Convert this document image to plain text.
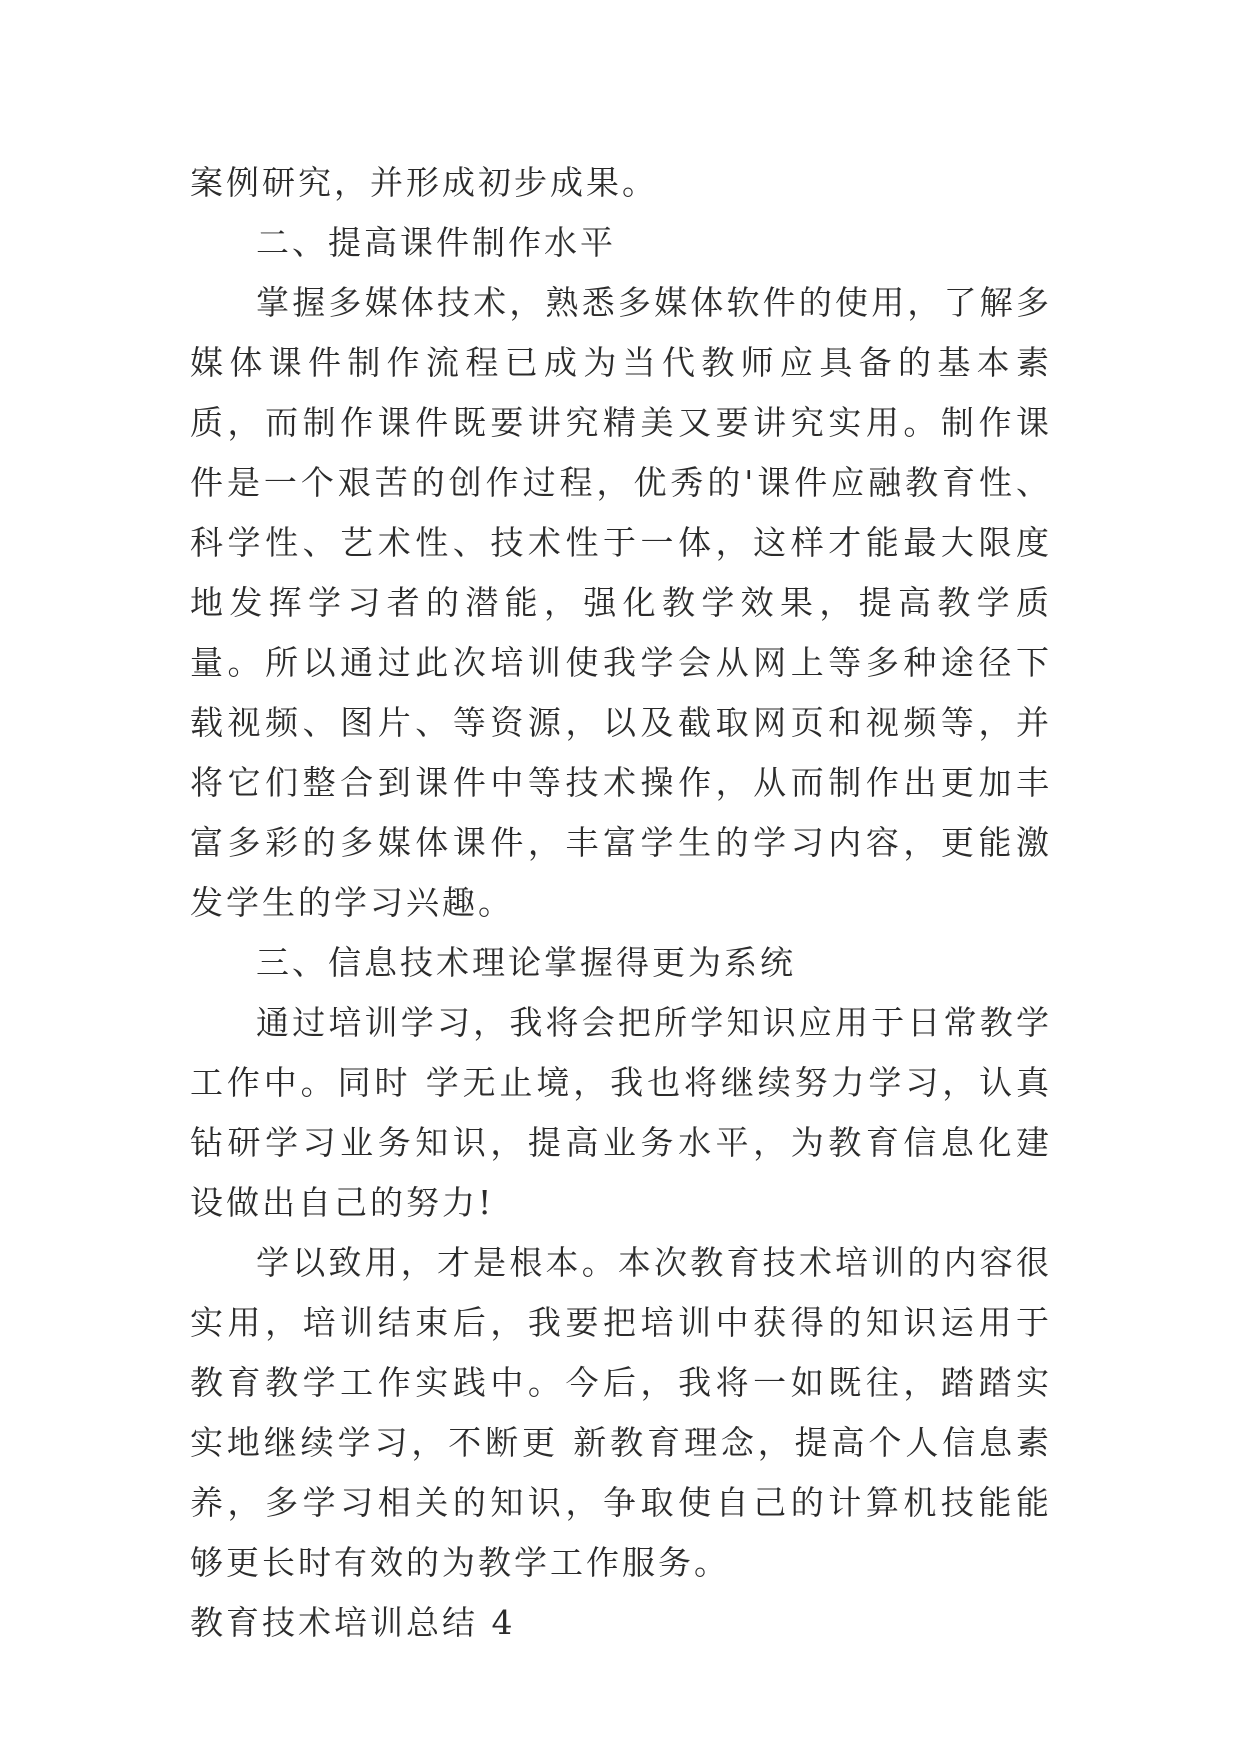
案例研究，并形成初步成果。

二、提高课件制作水平

掌握多媒体技术，熟悉多媒体软件的使用，了解多媒体课件制作流程已成为当代教师应具备的基本素质，而制作课件既要讲究精美又要讲究实用。制作课件是一个艰苦的创作过程，优秀的'课件应融教育性、科学性、艺术性、技术性于一体，这样才能最大限度地发挥学习者的潜能，强化教学效果，提高教学质量。所以通过此次培训使我学会从网上等多种途径下载视频、图片、等资源，以及截取网页和视频等，并将它们整合到课件中等技术操作，从而制作出更加丰富多彩的多媒体课件，丰富学生的学习内容，更能激发学生的学习兴趣。

三、信息技术理论掌握得更为系统

通过培训学习，我将会把所学知识应用于日常教学工作中。同时 学无止境，我也将继续努力学习，认真钻研学习业务知识，提高业务水平，为教育信息化建设做出自己的努力!

学以致用，才是根本。本次教育技术培训的内容很实用，培训结束后，我要把培训中获得的知识运用于教育教学工作实践中。今后，我将一如既往，踏踏实实地继续学习，不断更 新教育理念，提高个人信息素养，多学习相关的知识，争取使自己的计算机技能能够更长时有效的为教学工作服务。

教育技术培训总结 4
